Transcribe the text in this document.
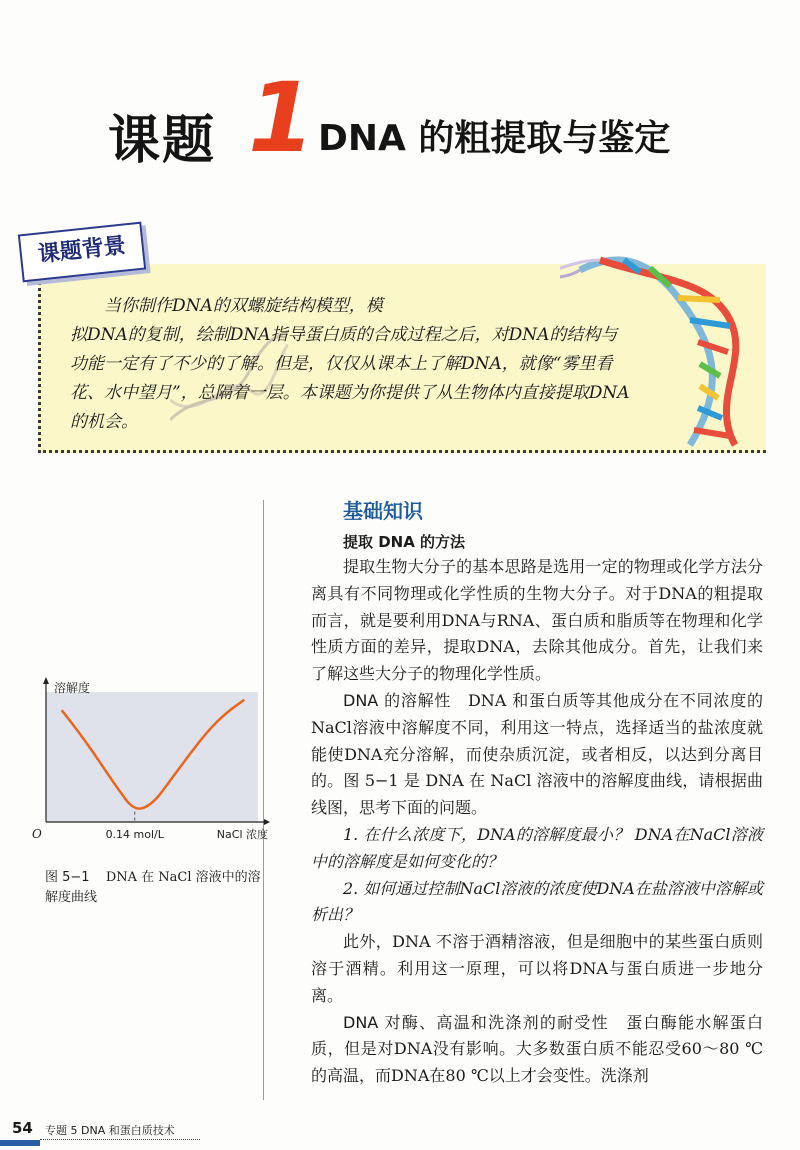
课题 1 DNA 的粗提取与鉴定
课题背景
当你制作DNA的双螺旋结构模型，模
拟DNA的复制，绘制DNA指导蛋白质的合成过程之后，对DNA的结构与
功能一定有了不少的了解。但是，仅仅从课本上了解DNA，就像“雾里看
花、水中望月”，总隔着一层。本课题为你提供了从生物体内直接提取DNA
的机会。
基础知识
提取 DNA 的方法

提取生物大分子的基本思路是选用一定的物理或化学方法分离具有不同物理或化学性质的生物大分子。对于DNA的粗提取而言，就是要利用DNA与RNA、蛋白质和脂质等在物理和化学性质方面的差异，提取DNA，去除其他成分。首先，让我们来了解这些大分子的物理化学性质。

DNA 的溶解性　 DNA 和蛋白质等其他成分在不同浓度的NaCl溶液中溶解度不同，利用这一特点，选择适当的盐浓度就能使DNA充分溶解，而使杂质沉淀，或者相反，以达到分离目的。图 5−1 是 DNA 在 NaCl 溶液中的溶解度曲线，请根据曲线图，思考下面的问题。

1. 在什么浓度下，DNA的溶解度最小？ DNA在NaCl溶液中的溶解度是如何变化的？

2. 如何通过控制NaCl溶液的浓度使DNA在盐溶液中溶解或析出？

此外，DNA 不溶于酒精溶液，但是细胞中的某些蛋白质则溶于酒精。利用这一原理，可以将DNA与蛋白质进一步地分离。

DNA 对酶、高温和洗涤剂的耐受性　 蛋白酶能水解蛋白质，但是对DNA没有影响。大多数蛋白质不能忍受60～80 ℃的高温，而DNA在80 ℃以上才会变性。洗涤剂

溶解度
O	0.14 mol/L	NaCl 浓度
图 5−1 DNA 在 NaCl 溶液中的溶解度曲线
54 专题 5 DNA 和蛋白质技术
